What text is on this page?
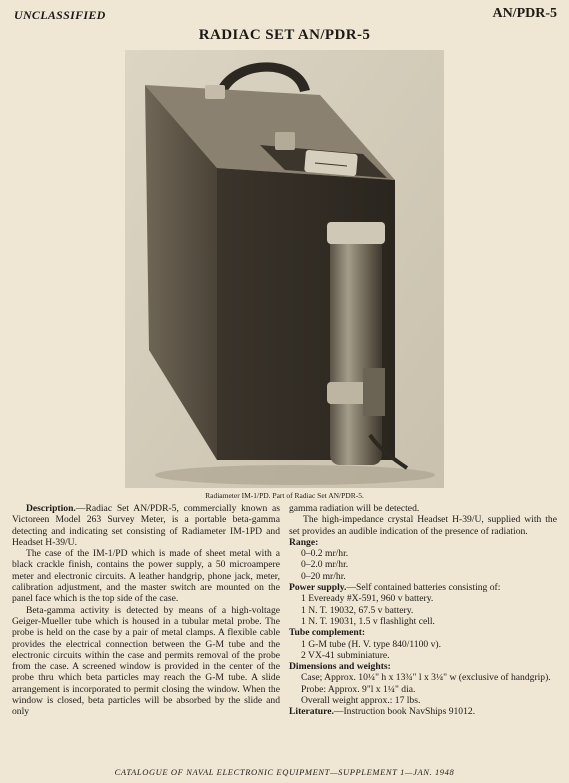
UNCLASSIFIED	AN/PDR-5
RADIAC SET AN/PDR-5
Radiameter IM-1/PD. Part of Radiac Set AN/PDR-5.

Description.—Radiac Set AN/PDR-5, commercially known as Victoreen Model 263 Survey Meter, is a portable beta-gamma detecting and indicating set consisting of Radiameter IM-1PD and Headset H-39/U.

The case of the IM-1/PD which is made of sheet metal with a black crackle finish, contains the power supply, a 50 microampere meter and electronic circuits. A leather handgrip, phone jack, meter, calibration adjustment, and the master switch are mounted on the panel face which is the top side of the case.

Beta-gamma activity is detected by means of a high-voltage Geiger-Mueller tube which is housed in a tubular metal probe. The probe is held on the case by a pair of metal clamps. A flexible cable provides the electrical connection between the G-M tube and the electronic circuits within the case and permits removal of the probe from the case. A screened window is provided in the center of the probe thru which beta particles may reach the G-M tube. A slide arrangement is incorporated to permit closing the window. When the window is closed, beta particles will be absorbed by the slide and only

gamma radiation will be detected.

The high-impedance crystal Headset H-39/U, supplied with the set provides an audible indication of the presence of radiation.

Range:

0–0.2 mr/hr.

0–2.0 mr/hr.

0–20 mr/hr.

Power supply.—Self contained batteries consisting of:

1 Eveready #X-591, 960 v battery.

1 N. T. 19032, 67.5 v battery.

1 N. T. 19031, 1.5 v flashlight cell.

Tube complement:

1 G-M tube (H. V. type 840/1100 v).

2 VX-41 subminiature.

Dimensions and weights:

Case; Approx. 10¼" h x 13¾" l x 3¼" w (exclusive of handgrip).

Probe: Approx. 9"l x 1¼" dia.

Overall weight approx.: 17 lbs.

Literature.—Instruction book NavShips 91012.

CATALOGUE OF NAVAL ELECTRONIC EQUIPMENT—SUPPLEMENT 1—JAN. 1948
